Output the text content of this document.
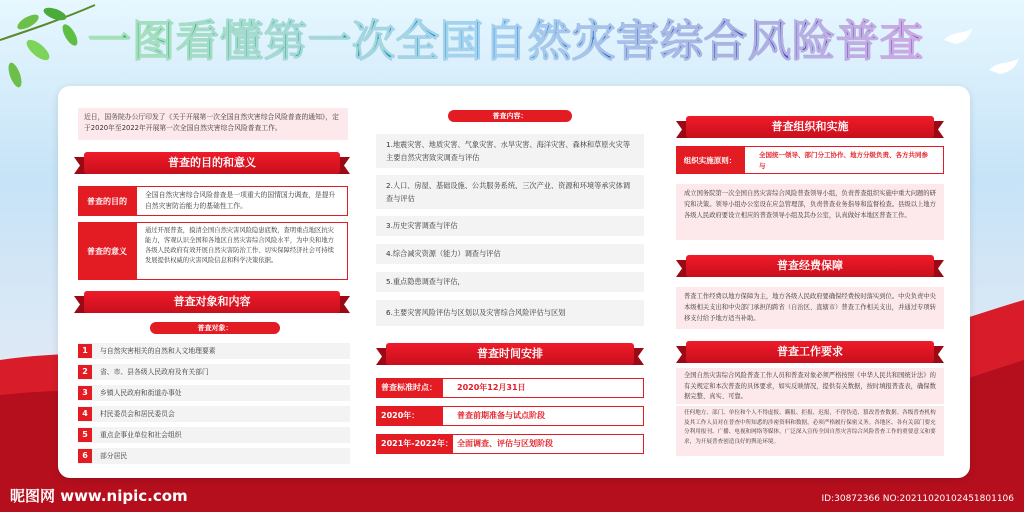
一图看懂第一次全国自然灾害综合风险普查
近日，国务院办公厅印发了《关于开展第一次全国自然灾害综合风险普查的通知》，定于2020年至2022年开展第一次全国自然灾害综合风险普查工作。
普查的目的和意义
普查的目的
全国自然灾害综合风险普查是一项重大的国情国力调查，是提升自然灾害防治能力的基础性工作。
普查的意义
通过开展普查，摸清全国自然灾害风险隐患底数，查明重点地区抗灾能力，客观认识全国和各地区自然灾害综合风险水平，为中央和地方各级人民政府有效开展自然灾害防治工作、切实保障经济社会可持续发展提供权威的灾害风险信息和科学决策依据。
普查对象和内容
普查对象：
1	与自然灾害相关的自然和人文地理要素
2	省、市、县各级人民政府及有关部门
3	乡镇人民政府和街道办事处
4	村民委员会和居民委员会
5	重点企事业单位和社会组织
6	部分居民
普查内容：
1.地震灾害、地质灾害、气象灾害、水旱灾害、海洋灾害、森林和草原火灾等主要自然灾害致灾调查与评估
2.人口、房屋、基础设施、公共服务系统、三次产业、资源和环境等承灾体调查与评估
3.历史灾害调查与评估
4.综合减灾资源（能力）调查与评估
5.重点隐患调查与评估，
6.主要灾害风险评估与区划以及灾害综合风险评估与区划
普查时间安排
普查标准时点：	2020年12月31日
2020年：	普查前期准备与试点阶段
2021年-2022年： 全面调查、评估与区划阶段
普查组织和实施
组织实施原则：
全国统一领导、部门分工协作、地方分级负责、各方共同参与
成立国务院第一次全国自然灾害综合风险普查领导小组，负责普查组织实施中重大问题的研究和决策。领导小组办公室设在应急管理部，负责普查业务指导和监督检查。县级以上地方各级人民政府要设立相应的普查领导小组及其办公室，认真做好本地区普查工作。
普查经费保障
普查工作经费以地方保障为主，地方各级人民政府要确保经费按时落实到位。中央负责中央本级相关支出和中央部门承担的跨省（自治区、直辖市）普查工作相关支出，并通过专项转移支付给予地方适当补助。
普查工作要求
全国自然灾害综合风险普查工作人员和普查对象必须严格按照《中华人民共和国统计法》的有关规定和本次普查的具体要求，如实反映情况，提供有关数据，按时填报普查表，确保数据完整、真实、可靠。
任何地方、部门、单位和个人不得虚报、瞒报、拒报、迟报，不得伪造、篡改普查数据。各级普查机构及其工作人员对在普查中所知悉的涉密资料和数据，必须严格履行保密义务。各地区、各有关部门要充分利用报刊、广播、电视和网络等媒体，广泛深入宣传全国自然灾害综合风险普查工作的重要意义和要求，为开展普查创造良好的舆论环境。
昵图网 www.nipic.com	ID:30872366 NO:20211020102451801106
